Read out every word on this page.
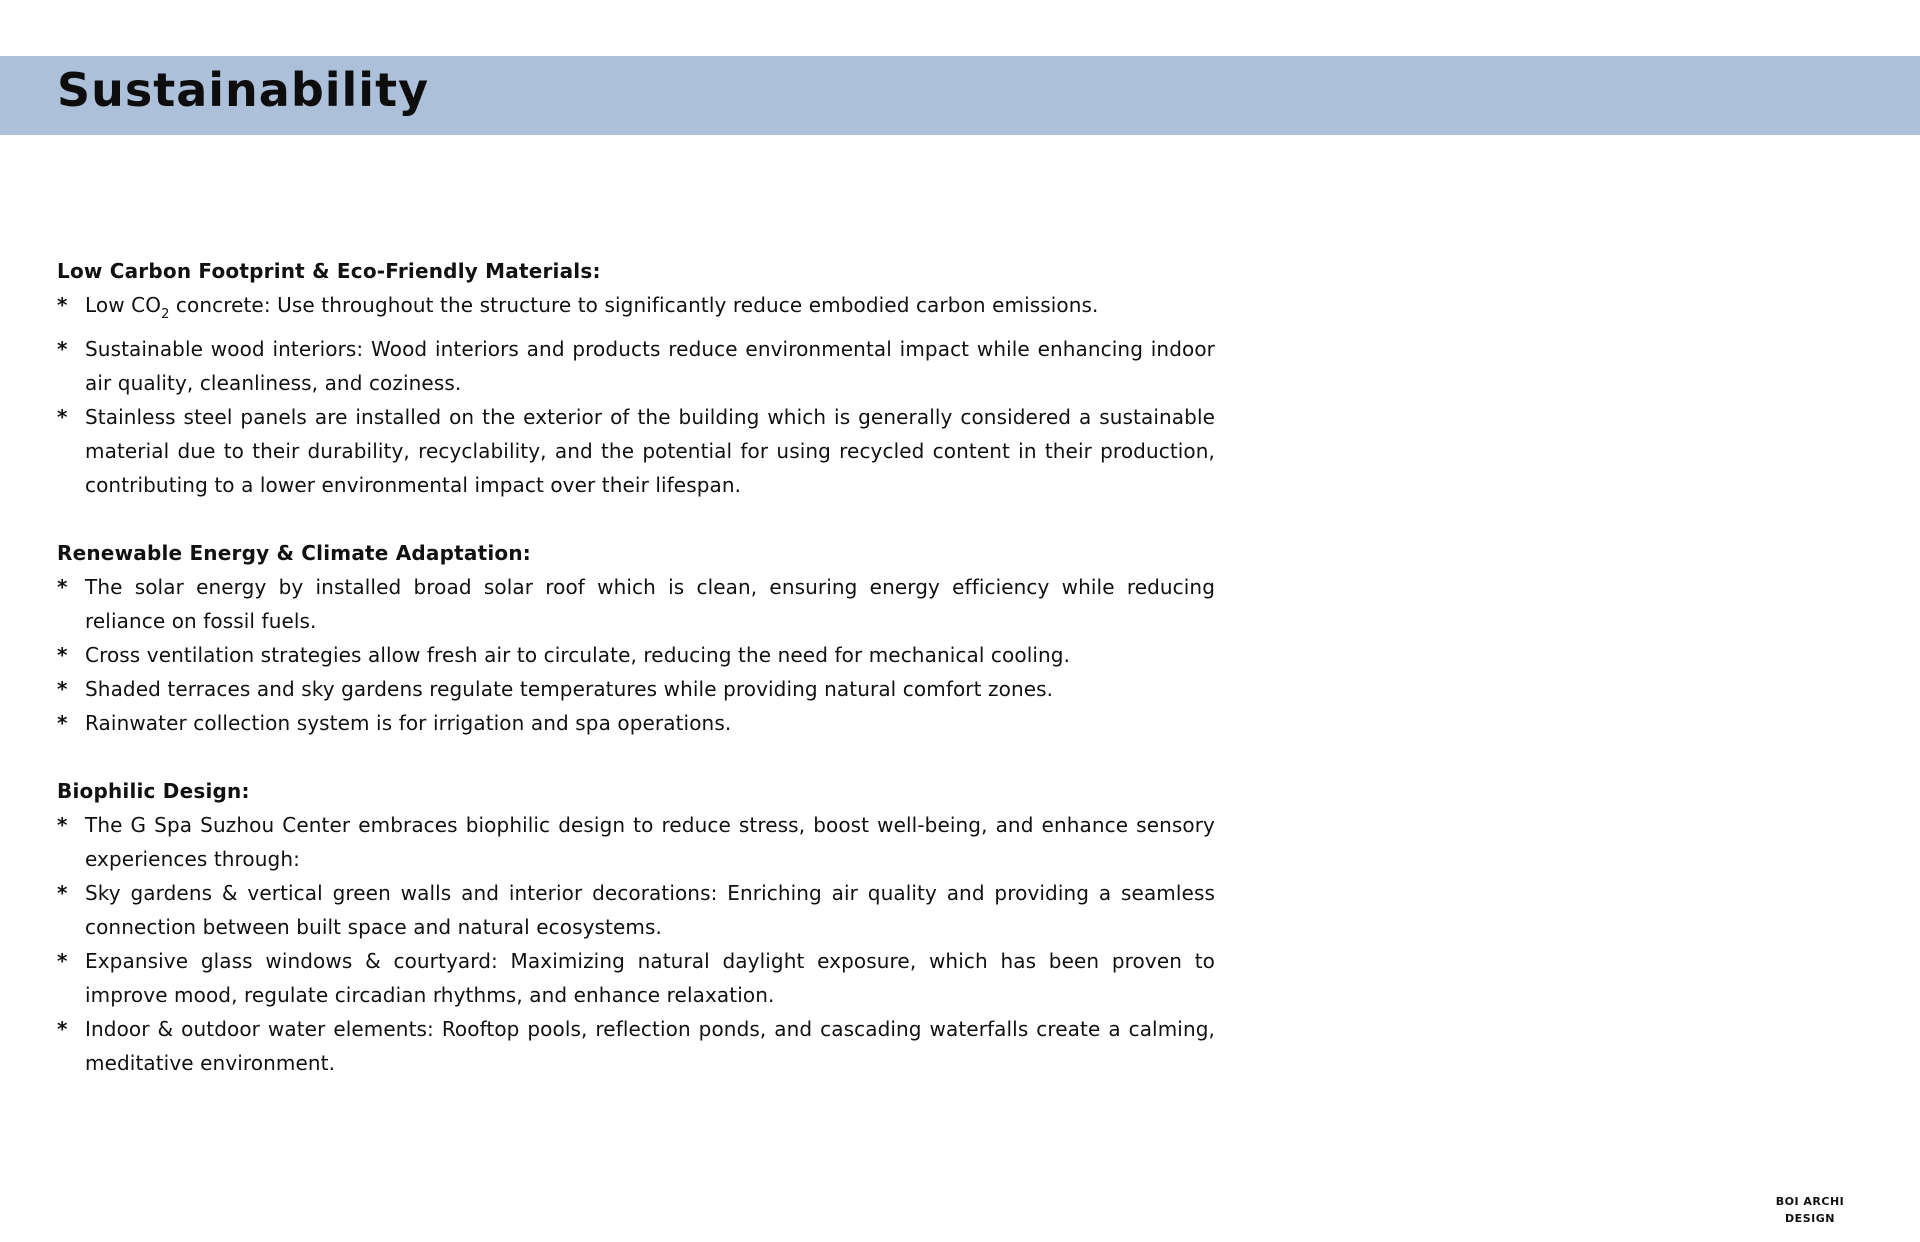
Sustainability

Low Carbon Footprint & Eco-Friendly Materials:

* Low $CO_2$ concrete: Use throughout the structure to significantly reduce embodied carbon emissions.
* Sustainable wood interiors: Wood interiors and products reduce environmental impact while enhancing indoor air quality, cleanliness, and coziness.
* Stainless steel panels are installed on the exterior of the building which is generally considered a sustainable material due to their durability, recyclability, and the potential for using recycled content in their production, contributing to a lower environmental impact over their lifespan.

Renewable Energy & Climate Adaptation:

* The solar energy by installed broad solar roof which is clean, ensuring energy efficiency while reducing reliance on fossil fuels.
* Cross ventilation strategies allow fresh air to circulate, reducing the need for mechanical cooling.
* Shaded terraces and sky gardens regulate temperatures while providing natural comfort zones.
* Rainwater collection system is for irrigation and spa operations.

Biophilic Design:

* The G Spa Suzhou Center embraces biophilic design to reduce stress, boost well-being, and enhance sensory experiences through:
* Sky gardens & vertical green walls and interior decorations: Enriching air quality and providing a seamless connection between built space and natural ecosystems.
* Expansive glass windows & courtyard: Maximizing natural daylight exposure, which has been proven to improve mood, regulate circadian rhythms, and enhance relaxation.
* Indoor & outdoor water elements: Rooftop pools, reflection ponds, and cascading waterfalls create a calming, meditative environment.
BOI ARCHI
DESIGN
